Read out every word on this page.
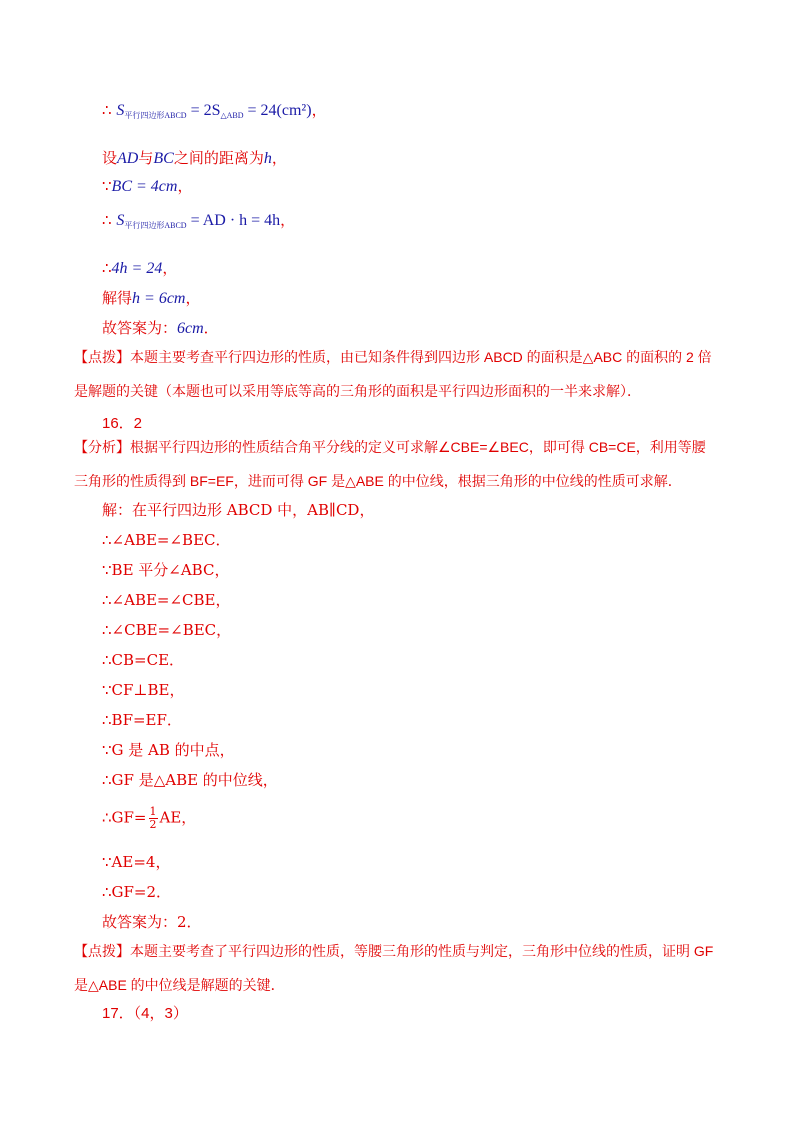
∴ $S_{平行四边形ABCD} = 2S_{\triangle ABD} = 24(cm^2)$，
设AD与BC之间的距离为h，
∵BC = 4cm，
∴ $S_{平行四边形ABCD}$ = AD · h = 4h，
∴4h = 24，
解得h = 6cm，
故答案为：6cm．
【点拨】本题主要考查平行四边形的性质，由已知条件得到四边形 ABCD 的面积是△ABC 的面积的 2 倍是解题的关键（本题也可以采用等底等高的三角形的面积是平行四边形面积的一半来求解）．
16．2
【分析】根据平行四边形的性质结合角平分线的定义可求解∠CBE=∠BEC，即可得 CB=CE，利用等腰三角形的性质得到 BF=EF，进而可得 GF 是△ABE 的中位线，根据三角形的中位线的性质可求解．
解：在平行四边形 ABCD 中，AB∥CD，
∴∠ABE=∠BEC．
∵BE 平分∠ABC，
∴∠ABE=∠CBE，
∴∠CBE=∠BEC，
∴CB=CE．
∵CF⊥BE，
∴BF=EF．
∵G 是 AB 的中点，
∴GF 是△ABE 的中位线，
∴GF= $\frac{1}{2}$ AE，
∵AE=4，
∴GF=2．
故答案为：2．
【点拨】本题主要考查了平行四边形的性质，等腰三角形的性质与判定，三角形中位线的性质，证明 GF 是△ABE 的中位线是解题的关键．
17．（4，3）
